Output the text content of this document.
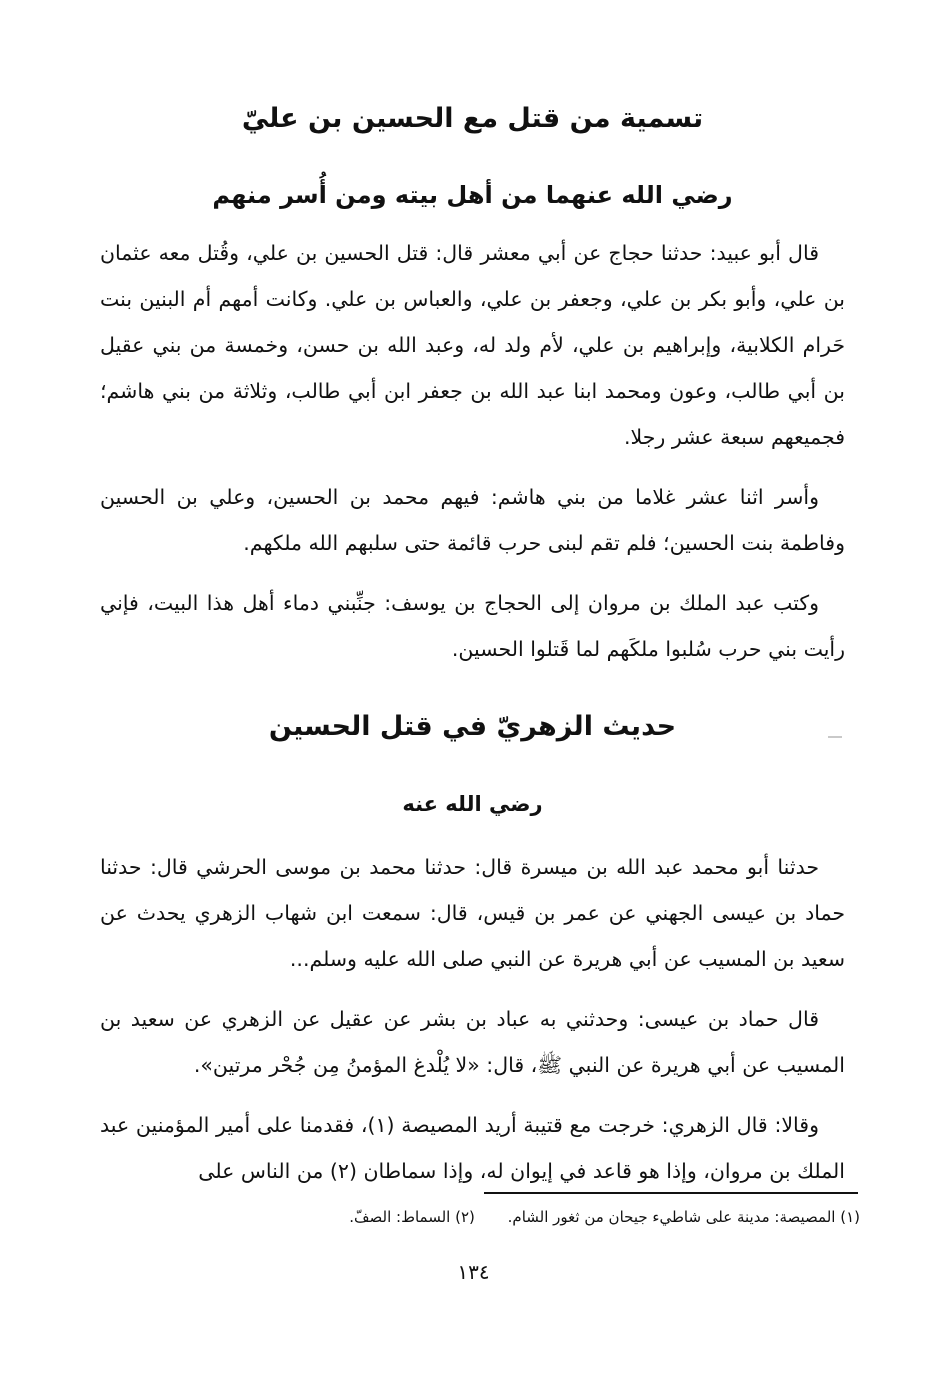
تسمية من قتل مع الحسين بن عليّ
رضي الله عنهما من أهل بيته ومن أُسر منهم

قال أبو عبيد: حدثنا حجاج عن أبي معشر قال: قتل الحسين بن علي، وقُتل معه عثمان بن علي، وأبو بكر بن علي، وجعفر بن علي، والعباس بن علي. وكانت أمهم أم البنين بنت حَرام الكلابية، وإبراهيم بن علي، لأم ولد له، وعبد الله بن حسن، وخمسة من بني عقيل بن أبي طالب، وعون ومحمد ابنا عبد الله بن جعفر ابن أبي طالب، وثلاثة من بني هاشم؛ فجميعهم سبعة عشر رجلا.

وأسر اثنا عشر غلاما من بني هاشم: فيهم محمد بن الحسين، وعلي بن الحسين وفاطمة بنت الحسين؛ فلم تقم لبنى حرب قائمة حتى سلبهم الله ملكهم.

وكتب عبد الملك بن مروان إلى الحجاج بن يوسف: جنِّبني دماء أهل هذا البيت، فإني رأيت بني حرب سُلبوا ملكَهم لما قَتلوا الحسين.

حديث الزهريّ في قتل الحسين
رضي الله عنه

حدثنا أبو محمد عبد الله بن ميسرة قال: حدثنا محمد بن موسى الحرشي قال: حدثنا حماد بن عيسى الجهني عن عمر بن قيس، قال: سمعت ابن شهاب الزهري يحدث عن سعيد بن المسيب عن أبي هريرة عن النبي صلى الله عليه وسلم...

قال حماد بن عيسى: وحدثني به عباد بن بشر عن عقيل عن الزهري عن سعيد بن المسيب عن أبي هريرة عن النبي ﷺ، قال: «لا يُلْدغ المؤمنُ مِن جُحْر مرتين».

وقالا: قال الزهري: خرجت مع قتيبة أريد المصيصة (١)، فقدمنا على أمير المؤمنين عبد الملك بن مروان، وإذا هو قاعد في إيوان له، وإذا سماطان (٢) من الناس على

(١) المصيصة: مدينة على شاطيء جيحان من ثغور الشام. (٢) السماط: الصفّ.
١٣٤
